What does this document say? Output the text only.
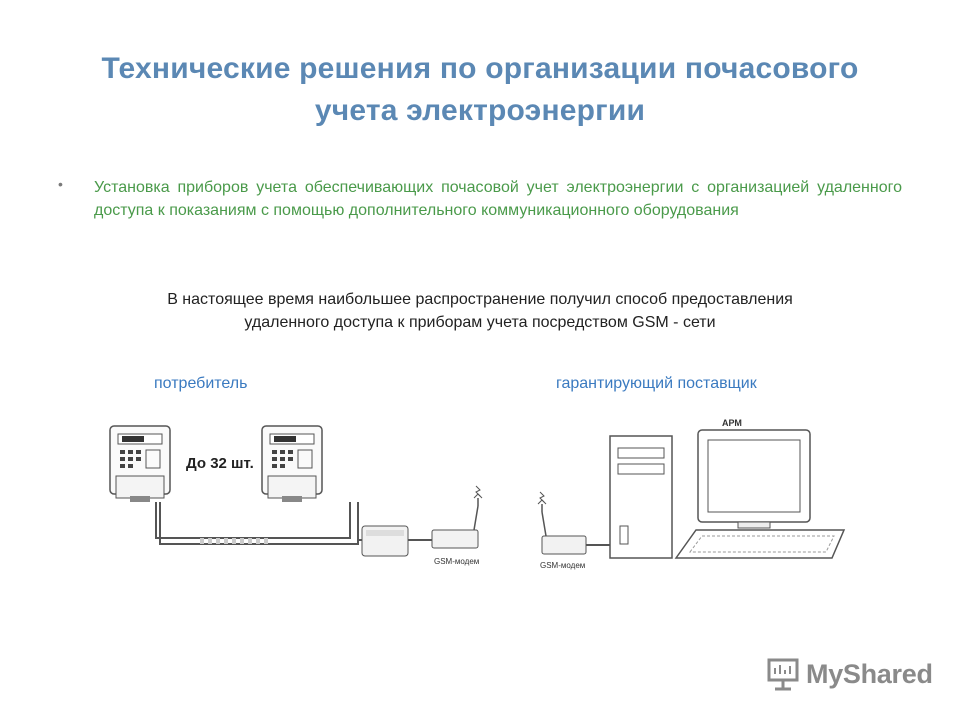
Технические решения по организации почасового
учета электроэнергии
• Установка приборов учета обеспечивающих почасовой учет электроэнергии с организацией удаленного доступа к показаниям с помощью дополнительного коммуникационного оборудования
В настоящее время наибольшее распространение получил способ предоставления
удаленного доступа к приборам учета посредством GSM - сети
потребитель	гарантирующий поставщик
До 32 шт.
GSM-модем	GSM-модем
АРМ
MyShared
